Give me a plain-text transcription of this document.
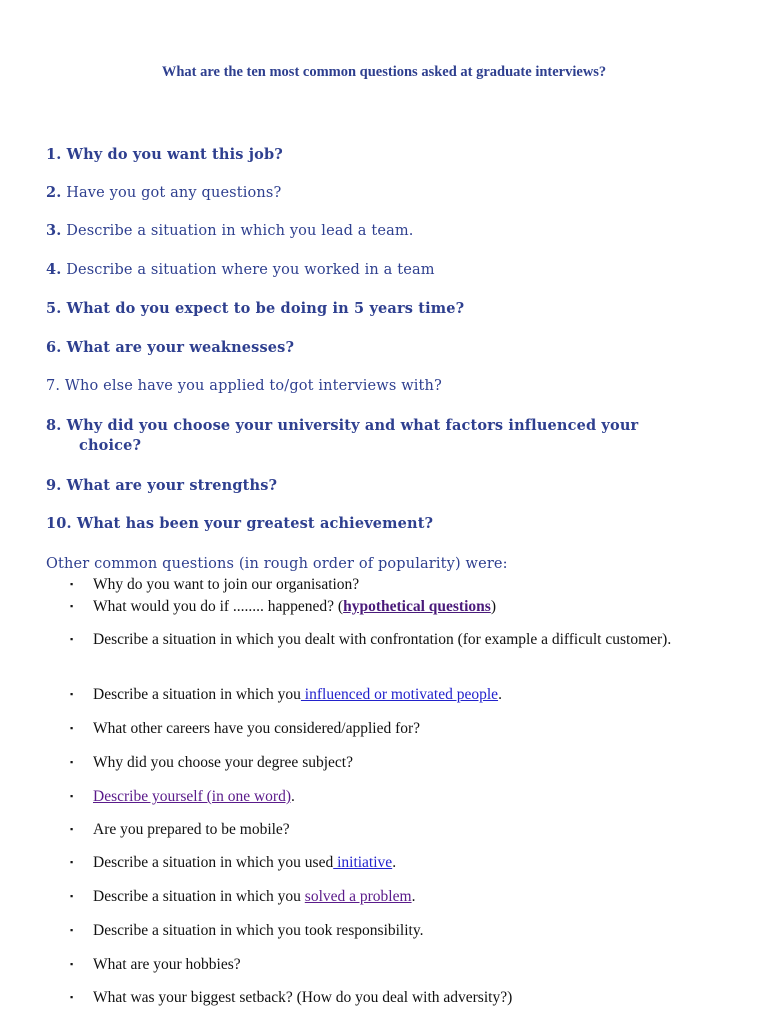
What are the ten most common questions asked at graduate interviews?
1. Why do you want this job?
2. Have you got any questions?
3. Describe a situation in which you lead a team.
4. Describe a situation where you worked in a team
5. What do you expect to be doing in 5 years time?
6. What are your weaknesses?
7. Who else have you applied to/got interviews with?
8. Why did you choose your university and what factors influenced your
choice?
9. What are your strengths?
10. What has been your greatest achievement?
Other common questions (in rough order of popularity) were:
▪	Why do you want to join our organisation?
▪	What would you do if ........ happened? (hypothetical questions)
▪	Describe a situation in which you dealt with confrontation (for example a difficult customer).
▪	Describe a situation in which you influenced or motivated people.
▪	What other careers have you considered/applied for?
▪	Why did you choose your degree subject?
▪	Describe yourself (in one word).
▪	Are you prepared to be mobile?
▪	Describe a situation in which you used initiative.
▪	Describe a situation in which you solved a problem.
▪	Describe a situation in which you took responsibility.
▪	What are your hobbies?
▪	What was your biggest setback? (How do you deal with adversity?)
